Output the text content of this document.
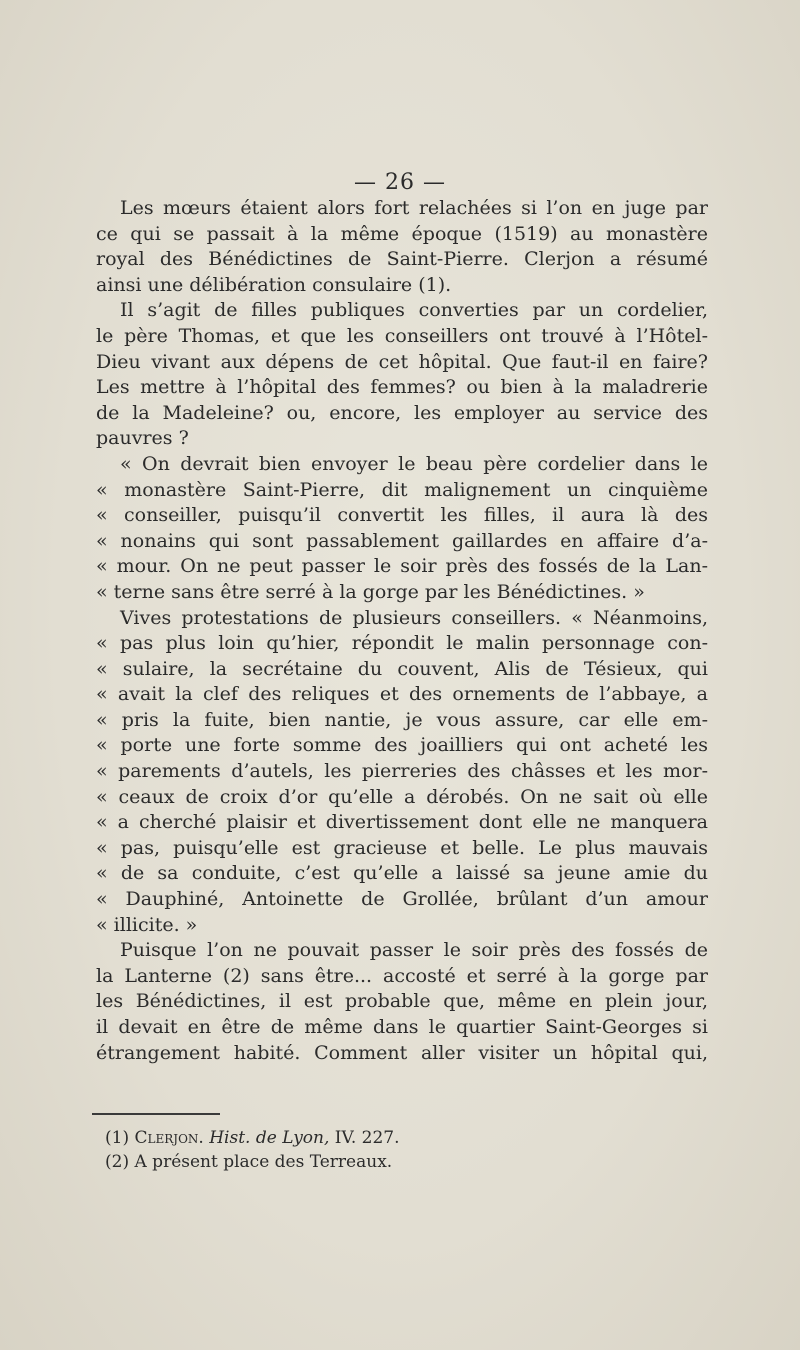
— 26 —
Les mœurs étaient alors fort relachées si l’on en juge par
ce qui se passait à la même époque (1519) au monastère
royal des Bénédictines de Saint-Pierre. Clerjon a résumé
ainsi une délibération consulaire (1).
Il s’agit de filles publiques converties par un cordelier,
le père Thomas, et que les conseillers ont trouvé à l’Hôtel-
Dieu vivant aux dépens de cet hôpital. Que faut-il en faire?
Les mettre à l’hôpital des femmes? ou bien à la maladrerie
de la Madeleine? ou, encore, les employer au service des
pauvres ?
« On devrait bien envoyer le beau père cordelier dans le
« monastère Saint-Pierre, dit malignement un cinquième
« conseiller, puisqu’il convertit les filles, il aura là des
« nonains qui sont passablement gaillardes en affaire d’a-
« mour. On ne peut passer le soir près des fossés de la Lan-
« terne sans être serré à la gorge par les Bénédictines. »
Vives protestations de plusieurs conseillers. « Néanmoins,
« pas plus loin qu’hier, répondit le malin personnage con-
« sulaire, la secrétaine du couvent, Alis de Tésieux, qui
« avait la clef des reliques et des ornements de l’abbaye, a
« pris la fuite, bien nantie, je vous assure, car elle em-
« porte une forte somme des joailliers qui ont acheté les
« parements d’autels, les pierreries des châsses et les mor-
« ceaux de croix d’or qu’elle a dérobés. On ne sait où elle
« a cherché plaisir et divertissement dont elle ne manquera
« pas, puisqu’elle est gracieuse et belle. Le plus mauvais
« de sa conduite, c’est qu’elle a laissé sa jeune amie du
« Dauphiné, Antoinette de Grollée, brûlant d’un amour
« illicite. »
Puisque l’on ne pouvait passer le soir près des fossés de
la Lanterne (2) sans être... accosté et serré à la gorge par
les Bénédictines, il est probable que, même en plein jour,
il devait en être de même dans le quartier Saint-Georges si
étrangement habité. Comment aller visiter un hôpital qui,
(1) Clerjon. Hist. de Lyon, IV. 227.
(2) A présent place des Terreaux.
